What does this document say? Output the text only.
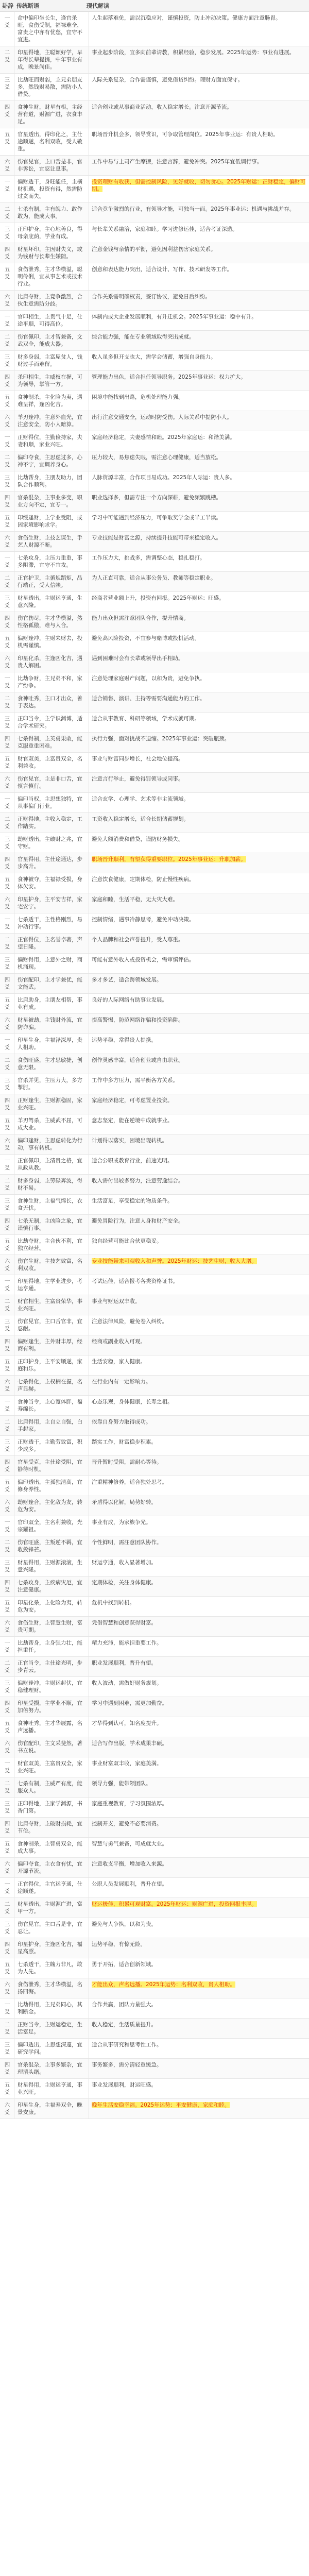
卦辞 传统断语	现代解读
一
爻
命中偏印坐长生，逢官杀旺，食伤受制，福禄难全，富贵之中亦有忧愁，宜守不宜进。
人生起落难免，需以沉稳应对，谨慎投资，防止冲动决策。健康方面注意肠胃。
二
爻
印星得地，主聪颖好学，早年得长辈提携，中年事业有成，晚景尚佳。
事业起步阶段，宜多向前辈请教，积累经验，稳步发展。2025年运势：事业有进展。
三
爻
比劫旺而财弱，主兄弟朋友多，然钱财易散，需防小人借贷。
人际关系复杂，合作需谨慎，避免借贷纠纷。理财方面宜保守。
四
爻
食神生财，财星有根，主经营有道，财源广进，衣食丰足。
适合创业或从事商业活动，收入稳定增长。注意开源节流。
五
爻
官星透出，得印化之，主仕途顺遂，名利双收，受人敬重。
职场晋升机会多，领导赏识，可争取管理岗位。2025年事业运：有贵人相助。
六
爻
伤官见官，主口舌是非，官非诉讼，宜忍让息事。
工作中易与上司产生摩擦，注意言辞，避免冲突。2025年宜低调行事。
一
爻
偏财透干，身旺能任，主横财机遇，投资有得，然需防过贪而失。
投资理财有收获，但需控制风险，见好就收，切勿贪心。2025年财运：正财稳定，偏财可期。
二
爻
七杀有制，主有魄力、敢作敢为，能成大事。
适合竞争激烈的行业，有领导才能，可独当一面。2025年事业运：机遇与挑战并存。
三
爻
正印护身，主心地善良，得母亲庇荫，学业有成。
与长辈关系融洽，家庭和睦。学习进修运佳，适合考证深造。
四
爻
财星坏印，主因财失义，或为钱财与长辈生嫌隙。
注意金钱与亲情的平衡，避免因利益伤害家庭关系。
五
爻
食伤泄秀，主才华横溢，聪明伶俐，宜从事艺术或技术行业。
创意和表达能力突出，适合设计、写作、技术研发等工作。
六
爻
比肩夺财，主竞争激烈，合伙生意需防分歧。
合作关系需明确权责，签订协议，避免日后纠纷。
一
爻
官印相生，主贵气十足，仕途平顺，可得高位。
体制内或大企业发展顺利，有升迁机会。2025年事业运：稳中有升。
二
爻
伤官佩印，主才智兼备，文武双全，能成大器。
综合能力强，能在专业领域取得突出成就。
三
爻
财多身弱，主富屋贫人，钱财过手而难留。
收入虽多但开支也大，需学会储蓄，增强自身能力。
四
爻
杀印相生，主威权在握，可为领导，掌管一方。
管理能力出色，适合担任领导职务。2025年事业运：权力扩大。
五
爻
食神制杀，主化险为夷，遇难呈祥，逢凶化吉。
困境中能找到出路，危机处理能力强。
六
爻
羊刃逢冲，主意外血光，宜注意安全，防小人暗算。
出行注意交通安全，运动时防受伤。人际关系中提防小人。
一
爻
正财得位，主勤俭持家，夫妻和顺，家业兴旺。
家庭经济稳定，夫妻感情和睦。2025年家庭运：和谐美满。
二
爻
偏印夺食，主思虑过多，心神不宁，宜调养身心。
压力较大，易焦虑失眠，需注意心理健康，适当放松。
三
爻
比劫帮身，主朋友助力，团队合作顺利。
人脉资源丰富，合作项目易成功。2025年人际运：贵人多。
四
爻
官杀混杂，主事业多变，职业方向不定，宜专一。
职业选择多，但需专注一个方向深耕，避免频繁跳槽。
五
爻
印绶逢财，主学业受阻，或因家境影响求学。
学习中可能遇到经济压力，可争取奖学金或半工半读。
六
爻
食伤生财，主技艺谋生，手艺人财源不断。
专业技能是财富之源，持续提升技能可带来稳定收入。
一
爻
七杀攻身，主压力重重，事多阻滞，宜守不宜攻。
工作压力大，挑战多，需调整心态，稳扎稳打。
二
爻
正官护卫，主循规蹈矩，品行端正，受人信赖。
为人正直可靠，适合从事公务员、教师等稳定职业。
三
爻
财星透出，主财运亨通，生意兴隆。
经商者营业额上升，投资有回报。2025年财运：旺盛。
四
爻
伤官伤尽，主才华横溢，然性格孤傲，难与人合。
能力出众但需注意团队合作，提升情商。
五
爻
偏财逢冲，主财来财去，投机需谨慎。
避免高风险投资，不宜参与赌博或投机活动。
六
爻
印星化杀，主逢凶化吉，遇贵人解困。
遇到困难时会有长辈或领导出手相助。
一
爻
比劫争财，主兄弟不和，家产纷争。
注意处理家庭财产问题，以和为贵，避免争执。
二
爻
食神吐秀，主口才出众，善于表达。
适合销售、演讲、主持等需要沟通能力的工作。
三
爻
正印当令，主学识渊博，适合学术研究。
适合从事教育、科研等领域，学术成就可期。
四
爻
七杀得制，主英勇果敢，能克服重重困难。
执行力强，面对挑战不退缩。2025年事业运：突破瓶颈。
五
爻
财官双美，主富贵双全，名利兼收。
事业与财富同步增长，社会地位提高。
六
爻
伤官见官，主是非口舌，宜慎言慎行。
注意言行举止，避免得罪领导或同事。
一
爻
偏印当权，主思想独特，宜从事偏门行业。
适合玄学、心理学、艺术等非主流领域。
二
爻
正财得地，主收入稳定，工作踏实。
工资收入稳定增长，适合长期储蓄规划。
三
爻
劫财透出，主破财之兆，宜守财。
避免大额消费和借贷，谨防财务损失。
四
爻
官星得用，主仕途通达，步步高升。
职场晋升顺利，有望获得重要职位。2025年事业运：升职加薪。
五
爻
食神被夺，主福禄受损，身体欠安。
注意饮食健康，定期体检，防止慢性疾病。
六
爻
印星护身，主平安吉祥，家宅安宁。
家庭和睦，生活平稳，无大灾大难。
一
爻
七杀透干，主性格刚烈，易冲动行事。
控制情绪，遇事冷静思考，避免冲动决策。
二
爻
正官得位，主名誉卓著，声望日隆。
个人品牌和社会声誉提升，受人尊重。
三
爻
偏财得用，主意外之财，商机涌现。
可能有意外收入或投资机会，需审慎评估。
四
爻
伤官配印，主才学兼优，能文能武。
多才多艺，适合跨领域发展。
五
爻
比肩助身，主朋友相帮，事业有成。
良好的人际网络有助事业发展。
六
爻
财星被劫，主钱财外流，宜防诈骗。
提高警惕，防范网络诈骗和投资陷阱。
一
爻
印星生身，主福泽深厚，贵人相助。
运势平稳，常得贵人提携。
二
爻
食伤旺盛，主才思敏捷，创意无限。
创作灵感丰富，适合创业或自由职业。
三
爻
官杀并见，主压力大，多方掣肘。
工作中多方压力，需平衡各方关系。
四
爻
正财逢生，主财源稳固，家业兴旺。
家庭经济稳定，可考虑置业投资。
五
爻
羊刃驾杀，主威武不屈，可成大业。
意志坚定，能在逆境中成就事业。
六
爻
偏印逢财，主思虑转化为行动，事有转机。
计划得以落实，困境出现转机。
一
爻
正官佩印，主清贵之格，宜从政从教。
适合公职或教育行业，前途光明。
二
爻
财多身弱，主劳碌奔波，得财不易。
收入需付出较多努力，注意劳逸结合。
三
爻
食神生财，主福气绵长，衣食无忧。
生活富足，享受稳定的物质条件。
四
爻
七杀无制，主凶险之象，宜谨慎行事。
避免冒险行为，注意人身和财产安全。
五
爻
比劫夺财，主合伙不利，宜独立经营。
独自经营可能比合伙更稳妥。
六
爻
伤官生财，主技艺致富，名利双收。
专业技能带来可观收入和声誉。2025年财运：技艺生财，收入大增。
一
爻
印星得地，主学业进步，考运亨通。
考试运佳，适合报考各类资格证书。
二
爻
财官相生，主富贵荣华，事业兴旺。
事业与财运双丰收。
三
爻
伤官见官，主口舌官非，宜忍耐。
注意法律风险，避免卷入纠纷。
四
爻
偏财逢生，主外财丰厚，经商有利。
经商或副业收入可观。
五
爻
正印护身，主平安顺遂，家庭和乐。
生活安稳，家人健康。
六
爻
七杀得化，主权柄在握，名声显赫。
在行业内有一定影响力。
一
爻
食神当令，主心宽体胖，福寿绵长。
心态乐观，身体健康，长寿之相。
二
爻
比肩得用，主自立自强，白手起家。
依靠自身努力取得成功。
三
爻
正财透干，主勤劳致富，积少成多。
踏实工作，财富稳步积累。
四
爻
官星受克，主仕途受阻，宜静待时机。
晋升暂时受阻，需耐心等待。
五
爻
偏印透出，主孤独清高，宜修身养性。
注重精神修养，适合独处思考。
六
爻
劫财逢合，主化敌为友，转危为安。
矛盾得以化解，局势好转。
一
爻
官印双全，主名利兼收，光宗耀祖。
事业有成，为家族争光。
二
爻
伤官旺盛，主叛逆不羁，宜收敛锋芒。
个性鲜明，需注意团队协作。
三
爻
财星得用，主财源滚滚，生意兴隆。
财运亨通，收入显著增加。
四
爻
七杀攻身，主疾病灾厄，宜注意健康。
定期体检，关注身体健康。
五
爻
印星化杀，主化险为夷，转危为安。
危机中找到转机。
六
爻
食伤生财，主智慧生财，富贵可期。
凭借智慧和创意获得财富。
一
爻
比劫帮身，主身强力壮，能担重任。
精力充沛，能承担重要工作。
二
爻
正官当令，主仕途光明，步步青云。
职业发展顺利，晋升有望。
三
爻
偏财逢冲，主财运起伏，宜稳健理财。
收入波动，需做好财务规划。
四
爻
印星受损，主学业不顺，宜加倍努力。
学习中遇到困难，需更加勤奋。
五
爻
食神吐秀，主才华展露，名声远播。
才华得到认可，知名度提升。
六
爻
伤官配印，主文采斐然，著书立说。
适合写作出版，学术成果丰硕。
一
爻
财官双美，主富贵双全，家业兴旺。
事业财富双丰收，家庭美满。
二
爻
七杀有制，主威严有度，能服众人。
领导力强，能带领团队。
三
爻
正印得地，主家学渊源，书香门第。
家庭重视教育，学习氛围浓厚。
四
爻
比肩夺财，主破财损耗，宜节俭。
控制开支，避免不必要消费。
五
爻
食神制杀，主智勇双全，能成大事。
智慧与勇气兼备，可成就大业。
六
爻
偏印夺食，主衣食有忧，宜开源节流。
注意收支平衡，增加收入来源。
一
爻
正官得位，主官运亨通，仕途顺遂。
公职人员发展顺利，晋升在望。
二
爻
财星透出，主财源广进，富甲一方。
财运极佳，积累可观财富。2025年财运：财源广进，投资回报丰厚。
三
爻
伤官见官，主口舌是非，宜忍让。
避免与人争执，以和为贵。
四
爻
印星护身，主逢凶化吉，福星高照。
运势平稳，有惊无险。
五
爻
七杀透干，主魄力非凡，敢为人先。
勇于开拓，适合创新领域。
六
爻
食伤泄秀，主才华横溢，名扬四海。
才能出众，声名远播。2025年运势：名利双收，贵人相助。
一
爻
比劫得用，主兄弟同心，其利断金。
合作共赢，团队力量强大。
二
爻
正财当令，主财运稳定，生活富足。
收入稳定，生活质量提升。
三
爻
偏印透出，主思想深邃，宜研究学问。
适合从事研究和思考性工作。
四
爻
官杀混杂，主事多繁杂，宜理清头绪。
事务繁多，需分清轻重缓急。
五
爻
财星得用，主财运亨通，事业兴旺。
事业发展顺利，财运旺盛。
六
爻
印星生身，主福寿双全，晚景安康。
晚年生活安稳幸福。2025年运势：平安健康，家庭和睦。
